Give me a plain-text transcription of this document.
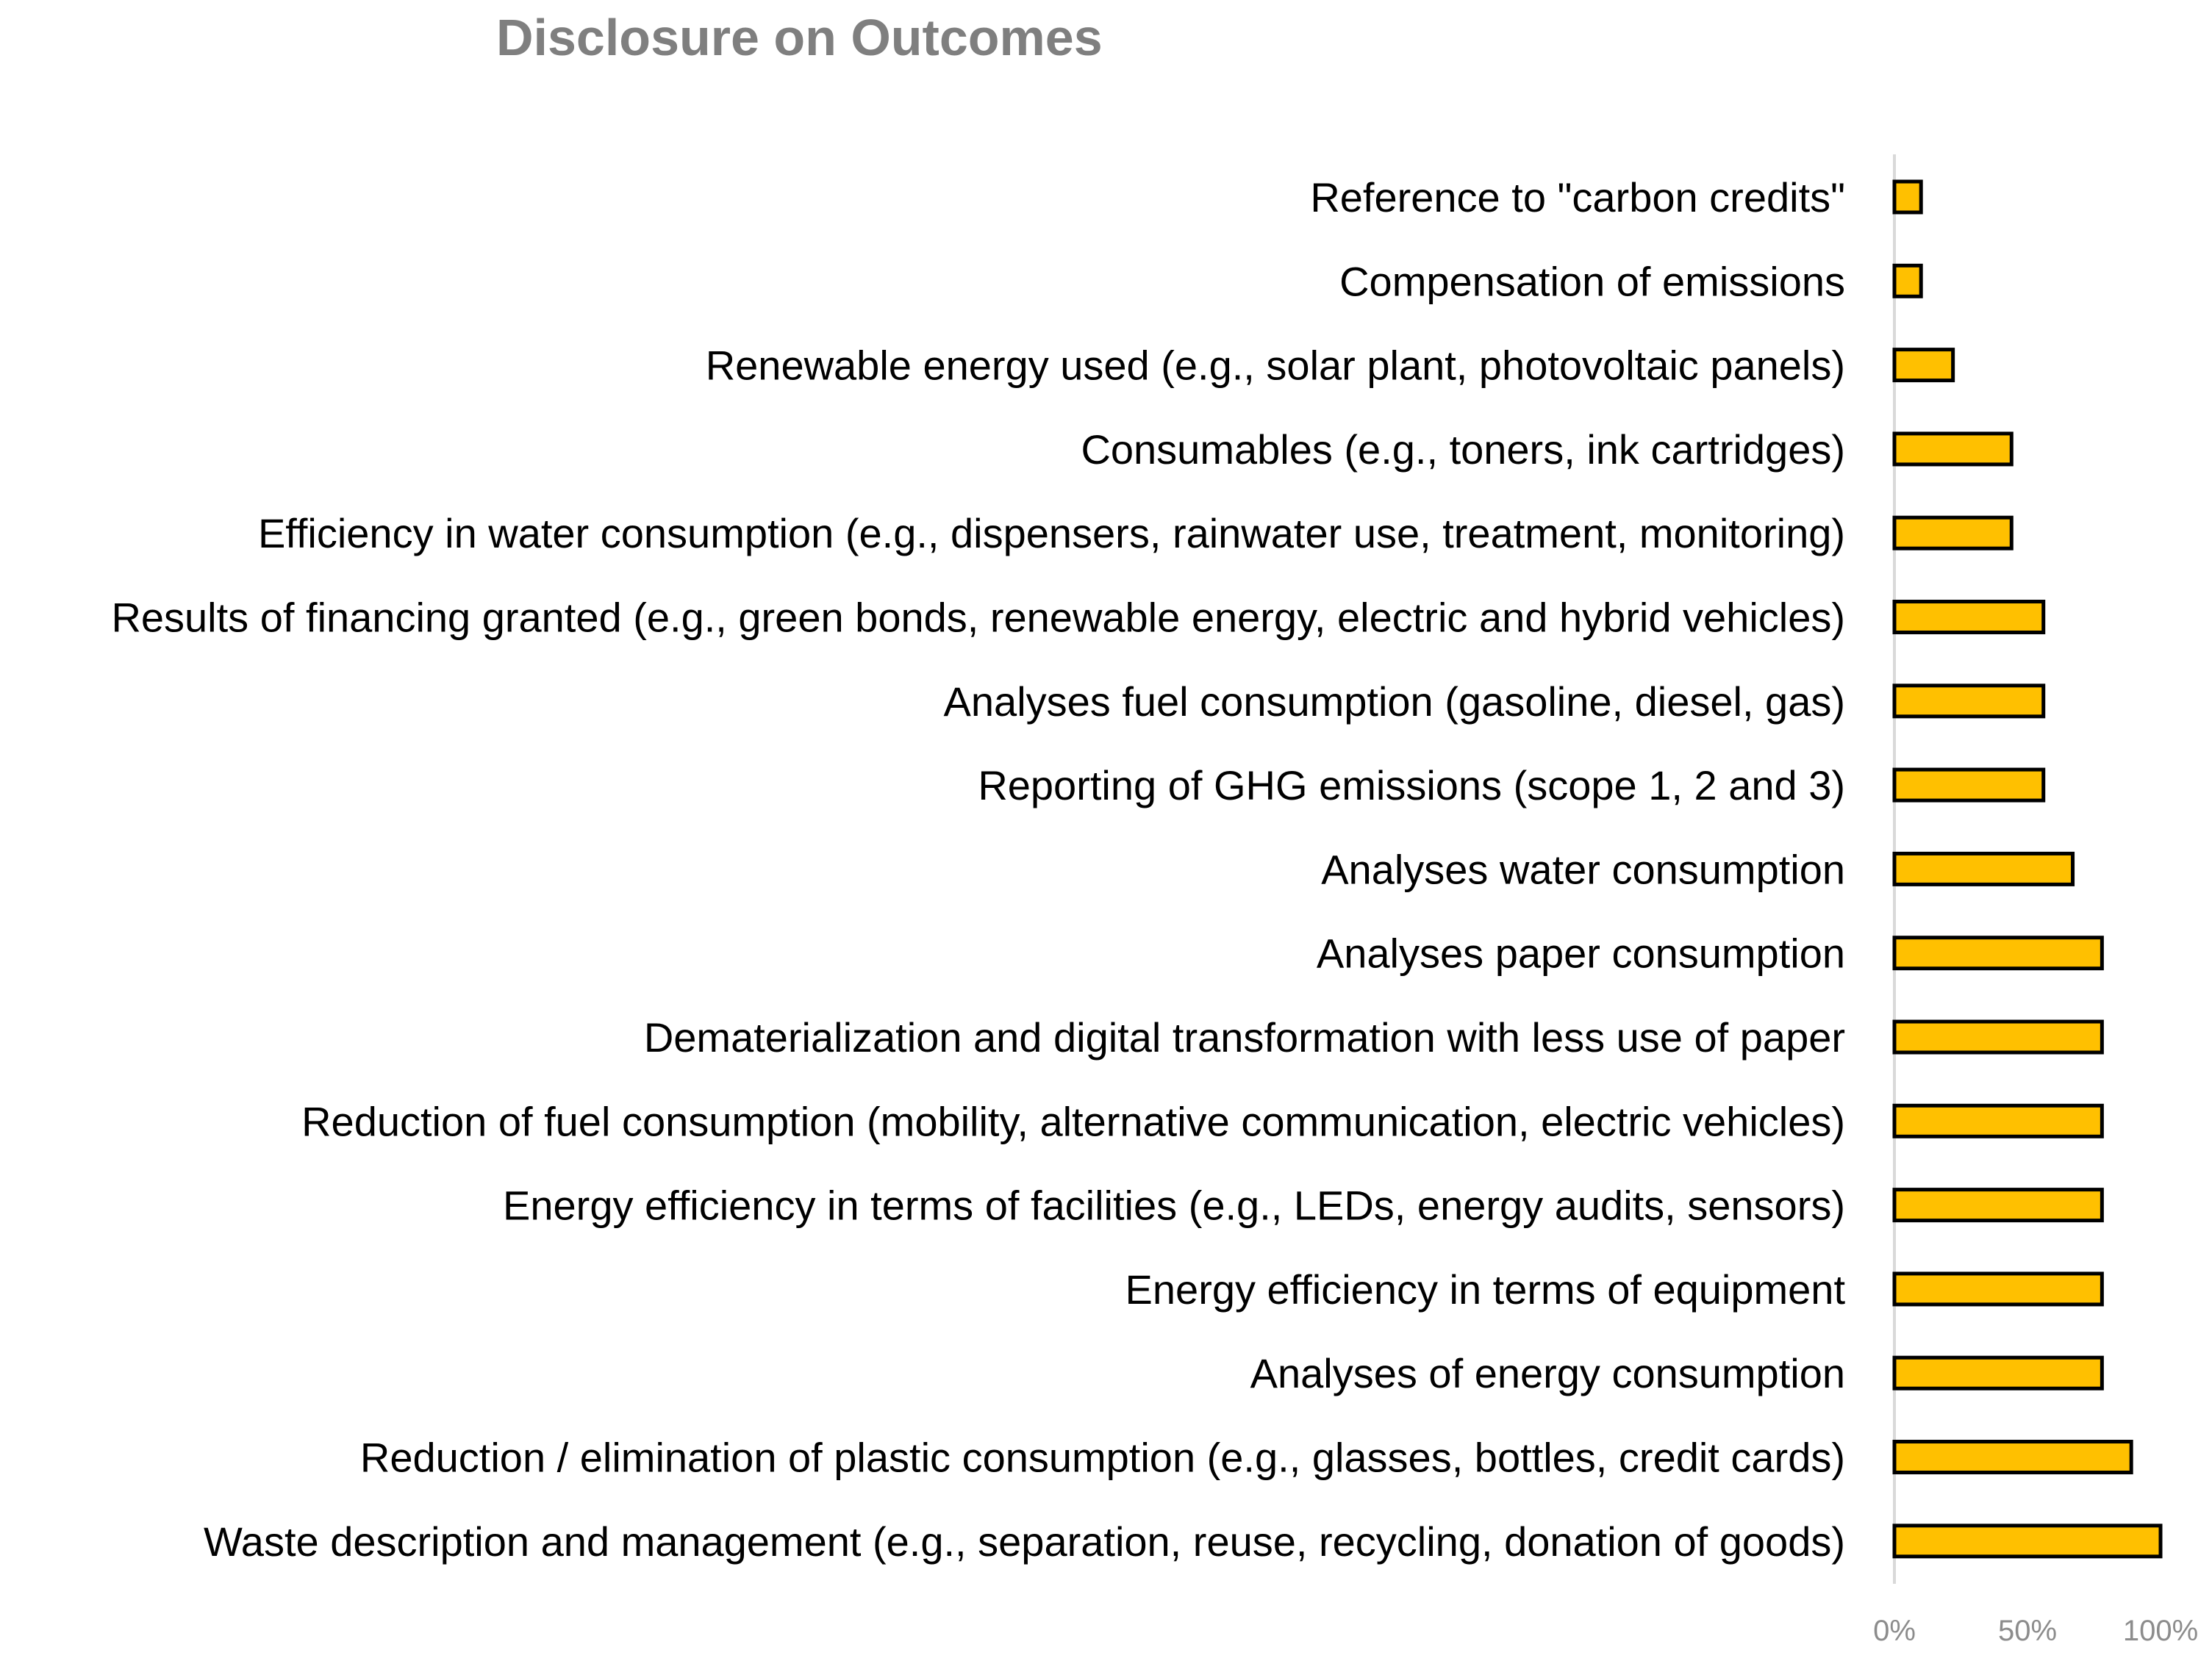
Disclosure on Outcomes
Reference to "carbon credits"
Compensation of emissions
Renewable energy used (e.g., solar plant, photovoltaic panels)
Consumables (e.g., toners, ink cartridges)
Efficiency in water consumption (e.g., dispensers, rainwater use, treatment, monitoring)
Results of financing granted (e.g., green bonds, renewable energy, electric and hybrid vehicles)
Analyses fuel consumption (gasoline, diesel, gas)
Reporting of GHG emissions (scope 1, 2 and 3)
Analyses water consumption
Analyses paper consumption
Dematerialization and digital transformation with less use of paper
Reduction of fuel consumption (mobility, alternative communication, electric vehicles)
Energy efficiency in terms of facilities (e.g., LEDs, energy audits, sensors)
Energy efficiency in terms of equipment
Analyses of energy consumption
Reduction / elimination of plastic consumption (e.g., glasses, bottles, credit cards)
Waste description and management (e.g., separation, reuse, recycling, donation of goods)
0%	50% 100%
